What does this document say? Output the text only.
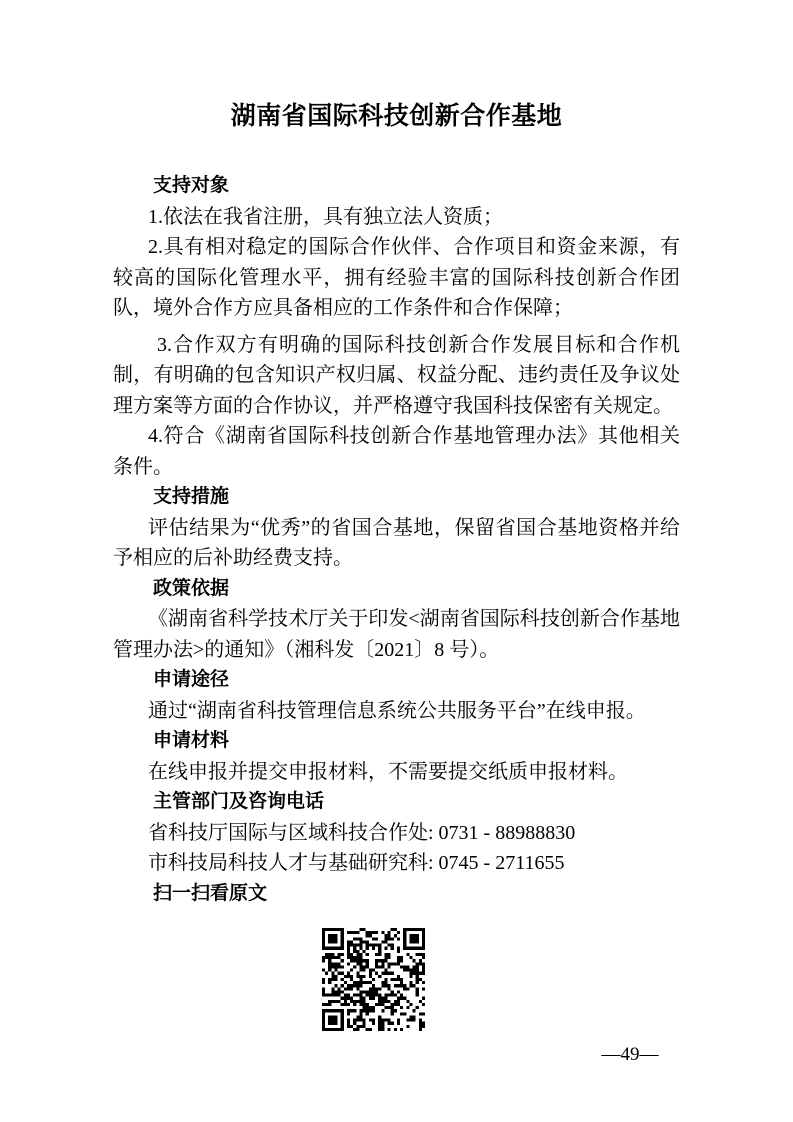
湖南省国际科技创新合作基地
支持对象

1.依法在我省注册，具有独立法人资质；

2.具有相对稳定的国际合作伙伴、合作项目和资金来源，有较高的国际化管理水平，拥有经验丰富的国际科技创新合作团队，境外合作方应具备相应的工作条件和合作保障；

3.合作双方有明确的国际科技创新合作发展目标和合作机制，有明确的包含知识产权归属、权益分配、违约责任及争议处理方案等方面的合作协议，并严格遵守我国科技保密有关规定。

4.符合《湖南省国际科技创新合作基地管理办法》其他相关条件。

支持措施

评估结果为“优秀”的省国合基地，保留省国合基地资格并给予相应的后补助经费支持。

政策依据

《湖南省科学技术厅关于印发<湖南省国际科技创新合作基地管理办法>的通知》（湘科发〔2021〕8 号）。

申请途径

通过“湖南省科技管理信息系统公共服务平台”在线申报。

申请材料

在线申报并提交申报材料，不需要提交纸质申报材料。

主管部门及咨询电话

省科技厅国际与区域科技合作处: 0731 - 88988830

市科技局科技人才与基础研究科: 0745 - 2711655

扫一扫看原文
—49—
